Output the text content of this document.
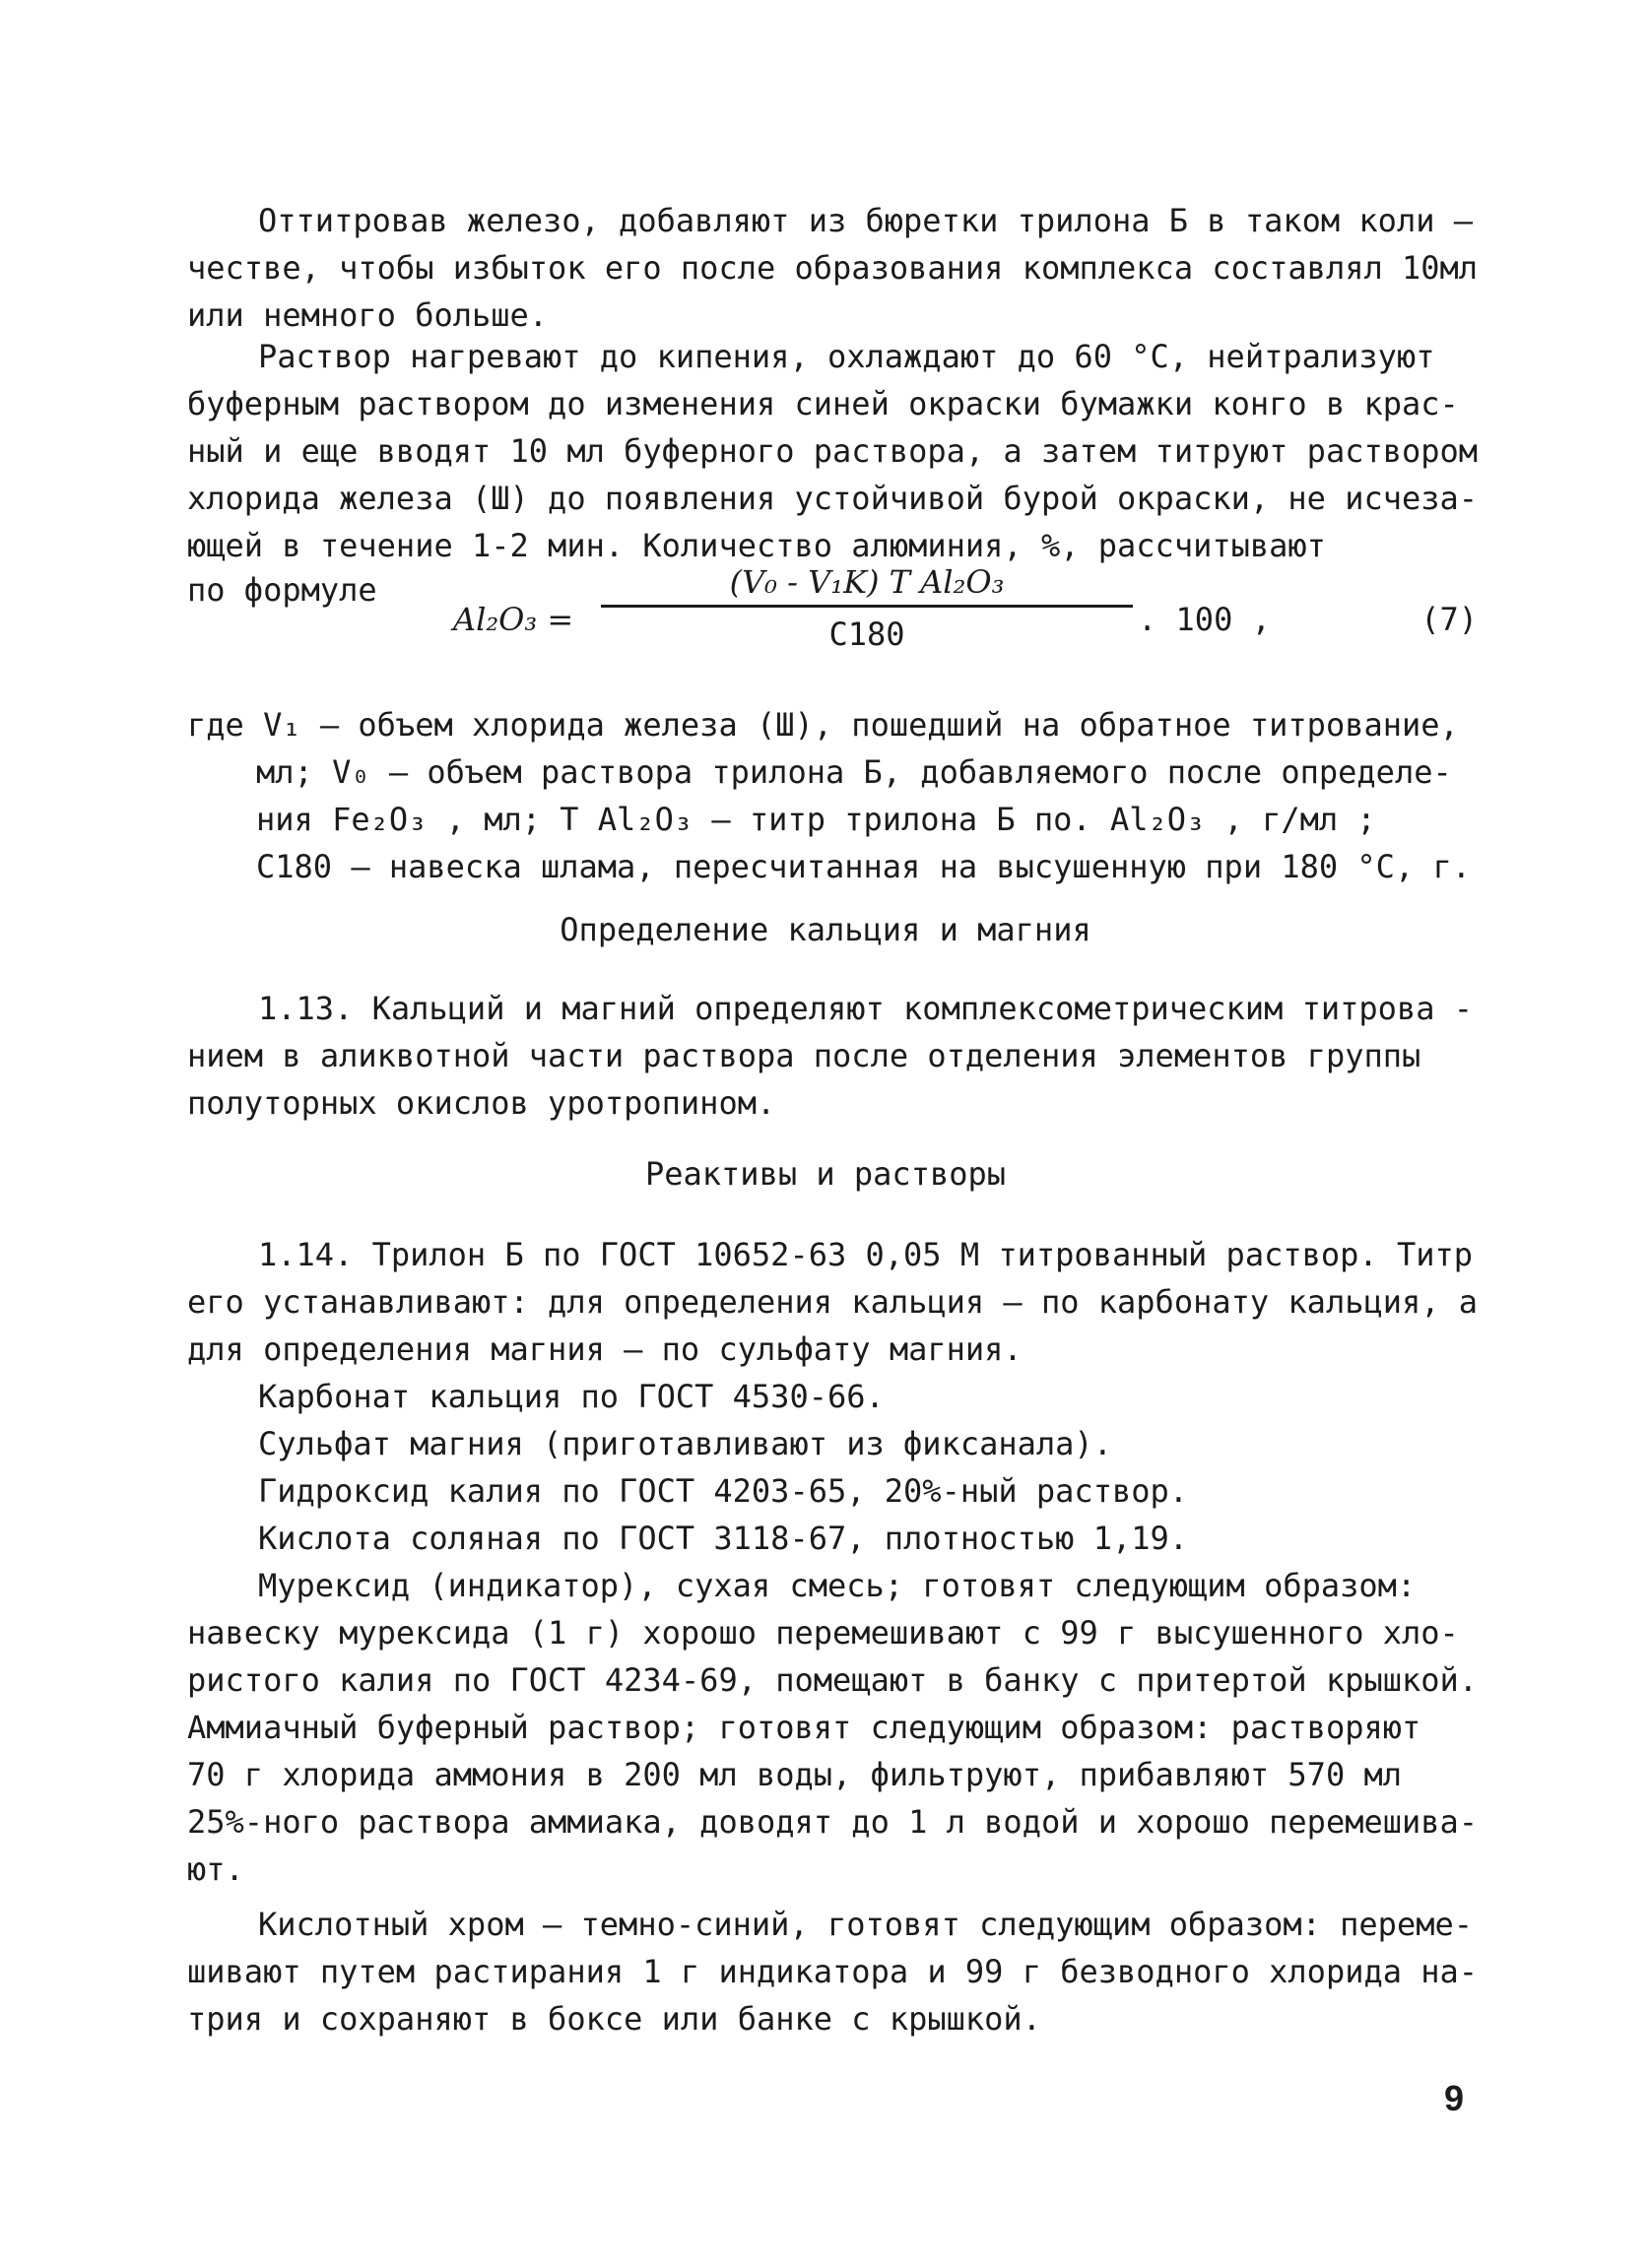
Оттитровав железо, добавляют из бюретки трилона Б в таком коли –
честве, чтобы избыток его после образования комплекса составлял 10мл
или немного больше.
Раствор нагревают до кипения, охлаждают до 60 °С, нейтрализуют
буферным раствором до изменения синей окраски бумажки конго в крас-
ный и еще вводят 10 мл буферного раствора, а затем титруют раствором
хлорида железа (Ш) до появления устойчивой бурой окраски, не исчеза-
ющей в течение 1-2 мин. Количество алюминия, %, рассчитывают
по формуле
$Al_2O_3 = \frac{\text{(V₀ - V₁K) T Al₂O₃}}{C180}$ . 100 ,	(7)
где V₁ – объем хлорида железа (Ш), пошедший на обратное титрование,
мл; V₀ – объем раствора трилона Б, добавляемого после определе-
ния Fe₂O₃ , мл; T Al₂O₃ – титр трилона Б по. Al₂O₃ , г/мл ;
C180 – навеска шлама, пересчитанная на высушенную при 180 °С, г.
Определение кальция и магния
1.13. Кальций и магний определяют комплексометрическим титрова -
нием в аликвотной части раствора после отделения элементов группы
полуторных окислов уротропином.
Реактивы и растворы
1.14. Трилон Б по ГОСТ 10652-63 0,05 М титрованный раствор. Титр
его устанавливают: для определения кальция – по карбонату кальция, а
для определения магния – по сульфату магния.
Карбонат кальция по ГОСТ 4530-66.
Сульфат магния (приготавливают из фиксанала).
Гидроксид калия по ГОСТ 4203-65, 20%-ный раствор.
Кислота соляная по ГОСТ 3118-67, плотностью 1,19.
Мурексид (индикатор), сухая смесь; готовят следующим образом:
навеску мурексида (1 г) хорошо перемешивают с 99 г высушенного хло-
ристого калия по ГОСТ 4234-69, помещают в банку с притертой крышкой.
Аммиачный буферный раствор; готовят следующим образом: растворяют
70 г хлорида аммония в 200 мл воды, фильтруют, прибавляют 570 мл
25%-ного раствора аммиака, доводят до 1 л водой и хорошо перемешива-
ют.
Кислотный хром – темно-синий, готовят следующим образом: переме-
шивают путем растирания 1 г индикатора и 99 г безводного хлорида на-
трия и сохраняют в боксе или банке с крышкой.
9
